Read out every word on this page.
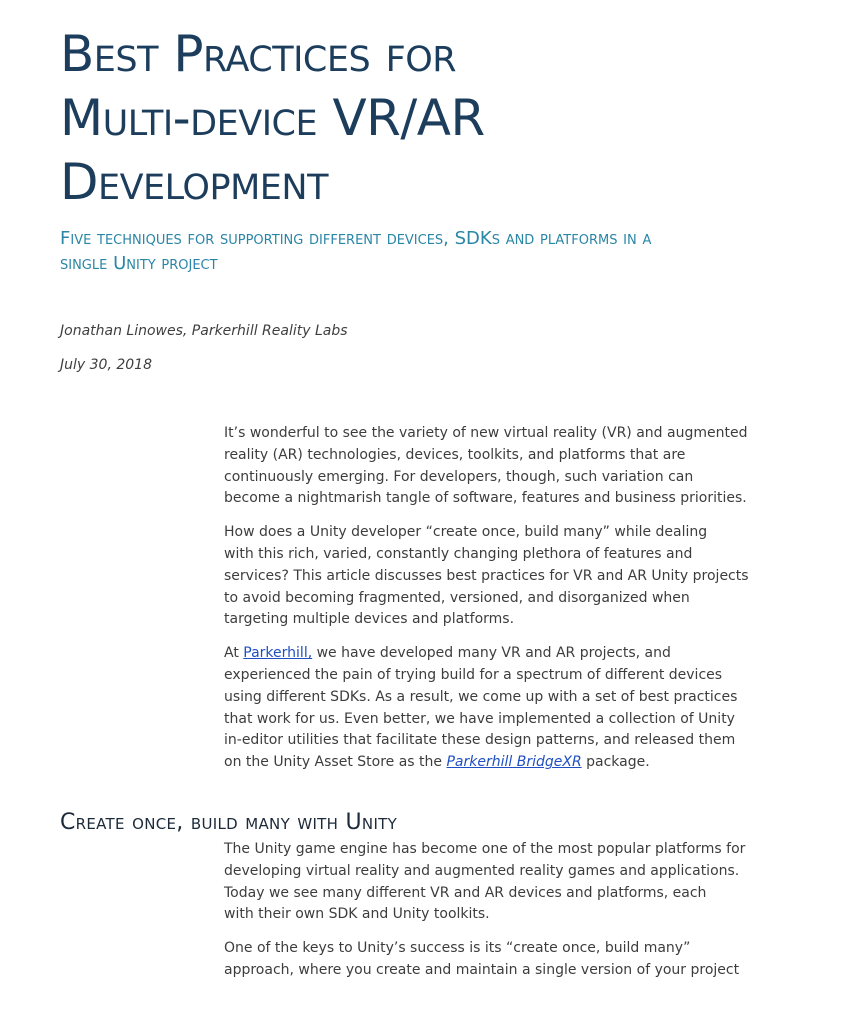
Best Practices for
Multi-device VR/AR
Development
Five techniques for supporting different devices, SDKs and platforms in a
single Unity project

Jonathan Linowes, Parkerhill Reality Labs

July 30, 2018

It’s wonderful to see the variety of new virtual reality (VR) and augmented
reality (AR) technologies, devices, toolkits, and platforms that are
continuously emerging. For developers, though, such variation can
become a nightmarish tangle of software, features and business priorities.

How does a Unity developer “create once, build many” while dealing
with this rich, varied, constantly changing plethora of features and
services? This article discusses best practices for VR and AR Unity projects
to avoid becoming fragmented, versioned, and disorganized when
targeting multiple devices and platforms.

At Parkerhill, we have developed many VR and AR projects, and
experienced the pain of trying build for a spectrum of different devices
using different SDKs. As a result, we come up with a set of best practices
that work for us. Even better, we have implemented a collection of Unity
in-editor utilities that facilitate these design patterns, and released them
on the Unity Asset Store as the Parkerhill BridgeXR package.

Create once, build many with Unity

The Unity game engine has become one of the most popular platforms for
developing virtual reality and augmented reality games and applications.
Today we see many different VR and AR devices and platforms, each
with their own SDK and Unity toolkits.

One of the keys to Unity’s success is its “create once, build many”
approach, where you create and maintain a single version of your project
